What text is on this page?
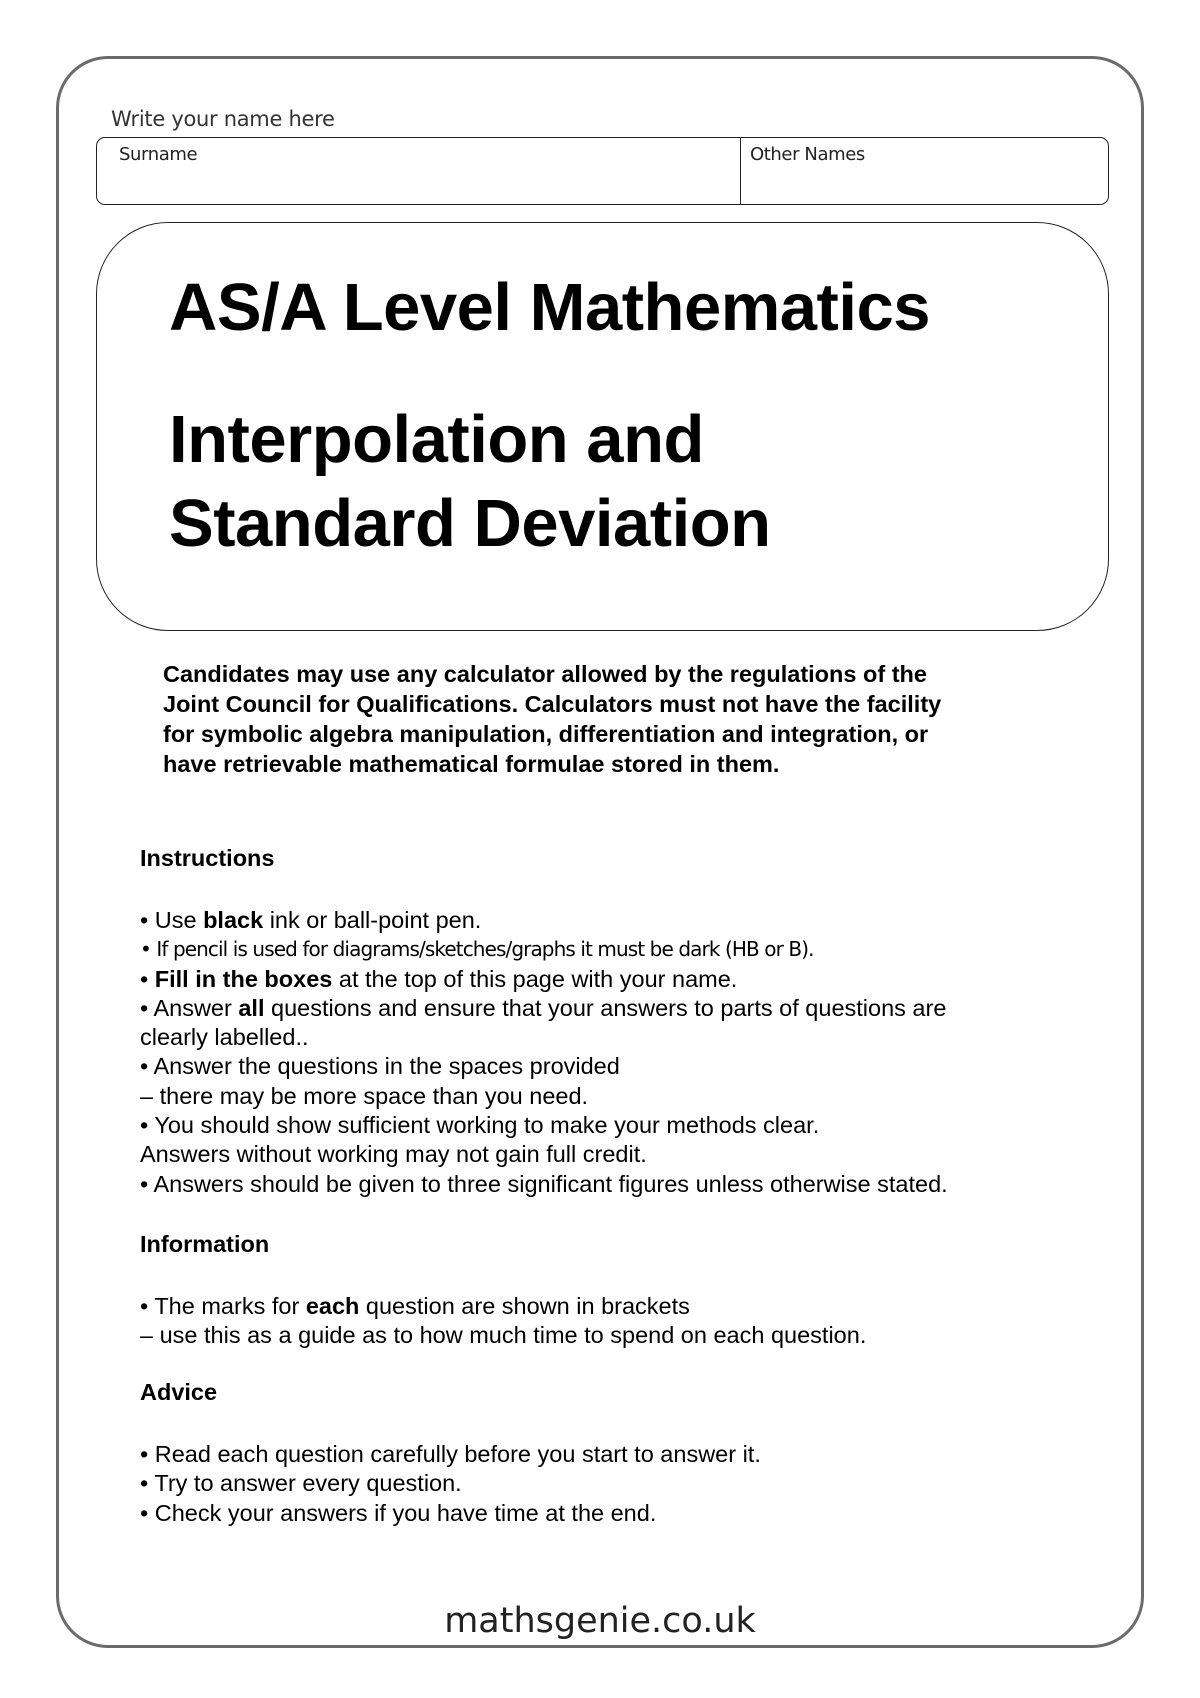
Write your name here
Surname	Other Names
AS/A Level Mathematics
Interpolation and
Standard Deviation
Candidates may use any calculator allowed by the regulations of the
Joint Council for Qualifications. Calculators must not have the facility
for symbolic algebra manipulation, differentiation and integration, or
have retrievable mathematical formulae stored in them.
Instructions
• Use black ink or ball-point pen.
• If pencil is used for diagrams/sketches/graphs it must be dark (HB or B).
• Fill in the boxes at the top of this page with your name.
• Answer all questions and ensure that your answers to parts of questions are
clearly labelled..
• Answer the questions in the spaces provided
– there may be more space than you need.
• You should show sufficient working to make your methods clear.
Answers without working may not gain full credit.
• Answers should be given to three significant figures unless otherwise stated.
Information
• The marks for each question are shown in brackets
– use this as a guide as to how much time to spend on each question.
Advice
• Read each question carefully before you start to answer it.
• Try to answer every question.
• Check your answers if you have time at the end.
mathsgenie.co.uk
